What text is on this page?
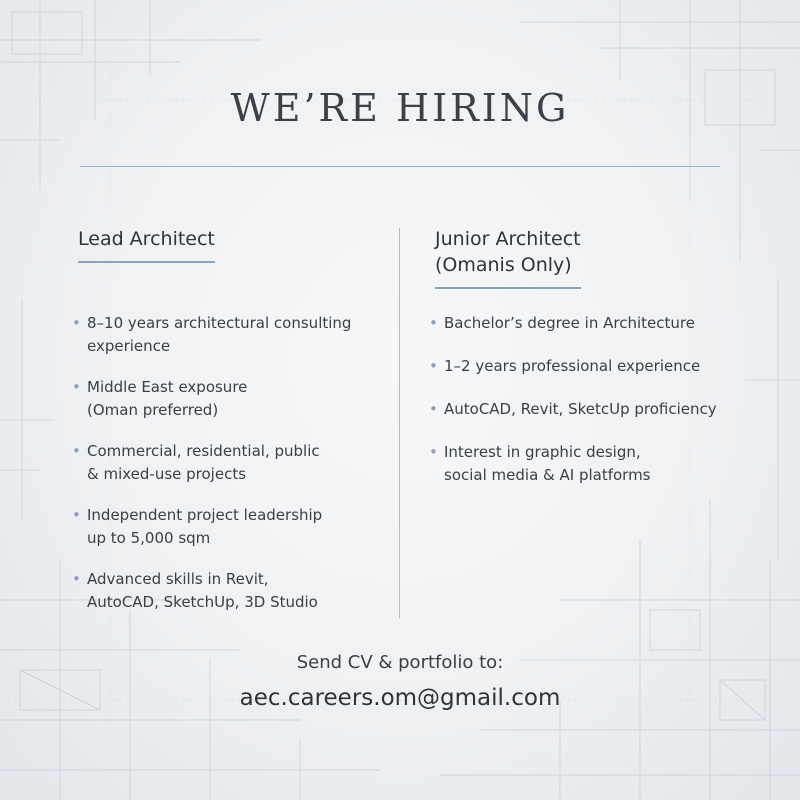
WE’RE HIRING
Lead Architect
• 8–10 years architectural consulting
experience
• Middle East exposure
(Oman preferred)
• Commercial, residential, public
& mixed-use projects
• Independent project leadership
up to 5,000 sqm
• Advanced skills in Revit,
AutoCAD, SketchUp, 3D Studio
Junior Architect
(Omanis Only)
• Bachelor’s degree in Architecture
• 1–2 years professional experience
• AutoCAD, Revit, SketcUp proficiency
• Interest in graphic design,
social media & AI platforms
Send CV & portfolio to:
aec.careers.om@gmail.com
